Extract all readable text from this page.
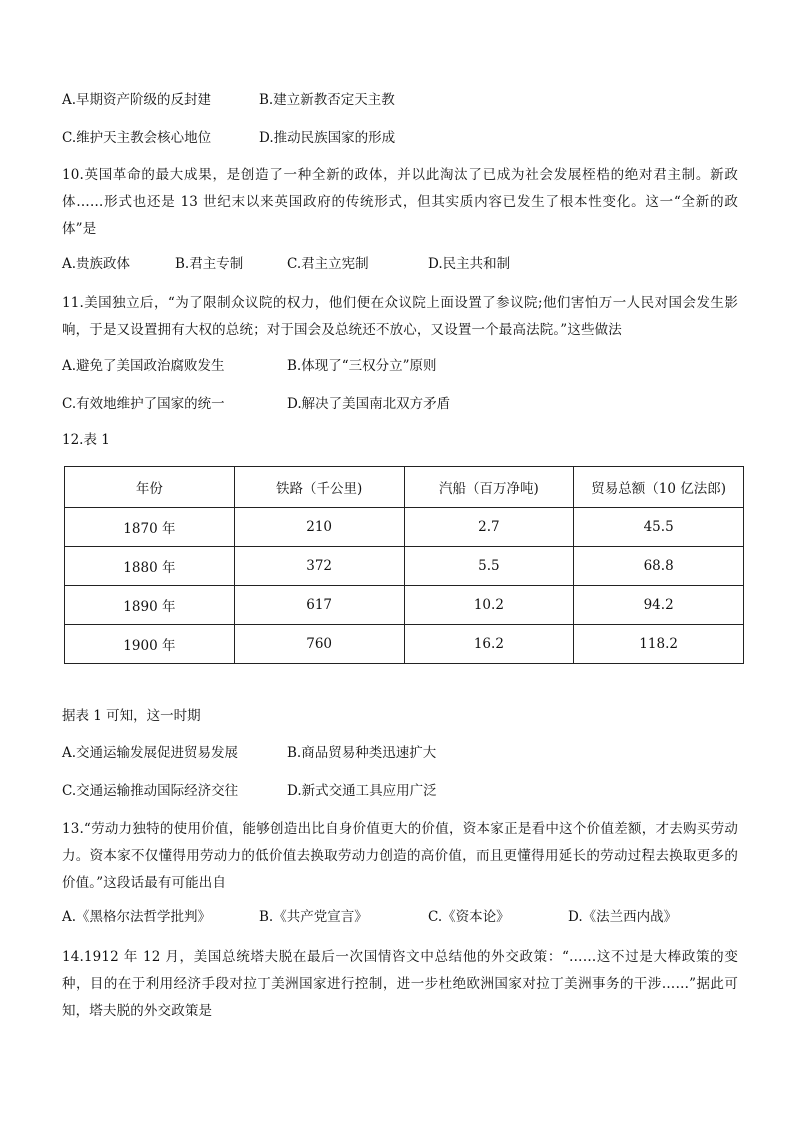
A.早期资产阶级的反封建	B.建立新教否定天主教
C.维护天主教会核心地位	D.推动民族国家的形成
10.英国革命的最大成果，是创造了一种全新的政体，并以此淘汰了已成为社会发展桎梏的绝对君主制。新政体……形式也还是 13 世纪末以来英国政府的传统形式，但其实质内容已发生了根本性变化。这一“全新的政体”是
A.贵族政体	B.君主专制	C.君主立宪制	D.民主共和制
11.美国独立后，“为了限制众议院的权力，他们便在众议院上面设置了参议院;他们害怕万一人民对国会发生影响，于是又设置拥有大权的总统；对于国会及总统还不放心，又设置一个最高法院。”这些做法
A.避免了美国政治腐败发生	B.体现了“三权分立”原则
C.有效地维护了国家的统一	D.解决了美国南北双方矛盾
12.表 1
年份	铁路（千公里)	汽船（百万净吨)	贸易总额（10 亿法郎)
1870 年	210	2.7	45.5
1880 年	372	5.5	68.8
1890 年	617	10.2	94.2
1900 年	760	16.2	118.2
据表 1 可知，这一时期
A.交通运输发展促进贸易发展	B.商品贸易种类迅速扩大
C.交通运输推动国际经济交往	D.新式交通工具应用广泛
13.“劳动力独特的使用价值，能够创造出比自身价值更大的价值，资本家正是看中这个价值差额，才去购买劳动力。资本家不仅懂得用劳动力的低价值去换取劳动力创造的高价值，而且更懂得用延长的劳动过程去换取更多的价值。”这段话最有可能出自
A.《黑格尔法哲学批判》	B.《共产党宣言》	C.《资本论》	D.《法兰西内战》
14.1912 年 12 月，美国总统塔夫脱在最后一次国情咨文中总结他的外交政策：“……这不过是大棒政策的变种，目的在于利用经济手段对拉丁美洲国家进行控制，进一步杜绝欧洲国家对拉丁美洲事务的干涉……”据此可知，塔夫脱的外交政策是
